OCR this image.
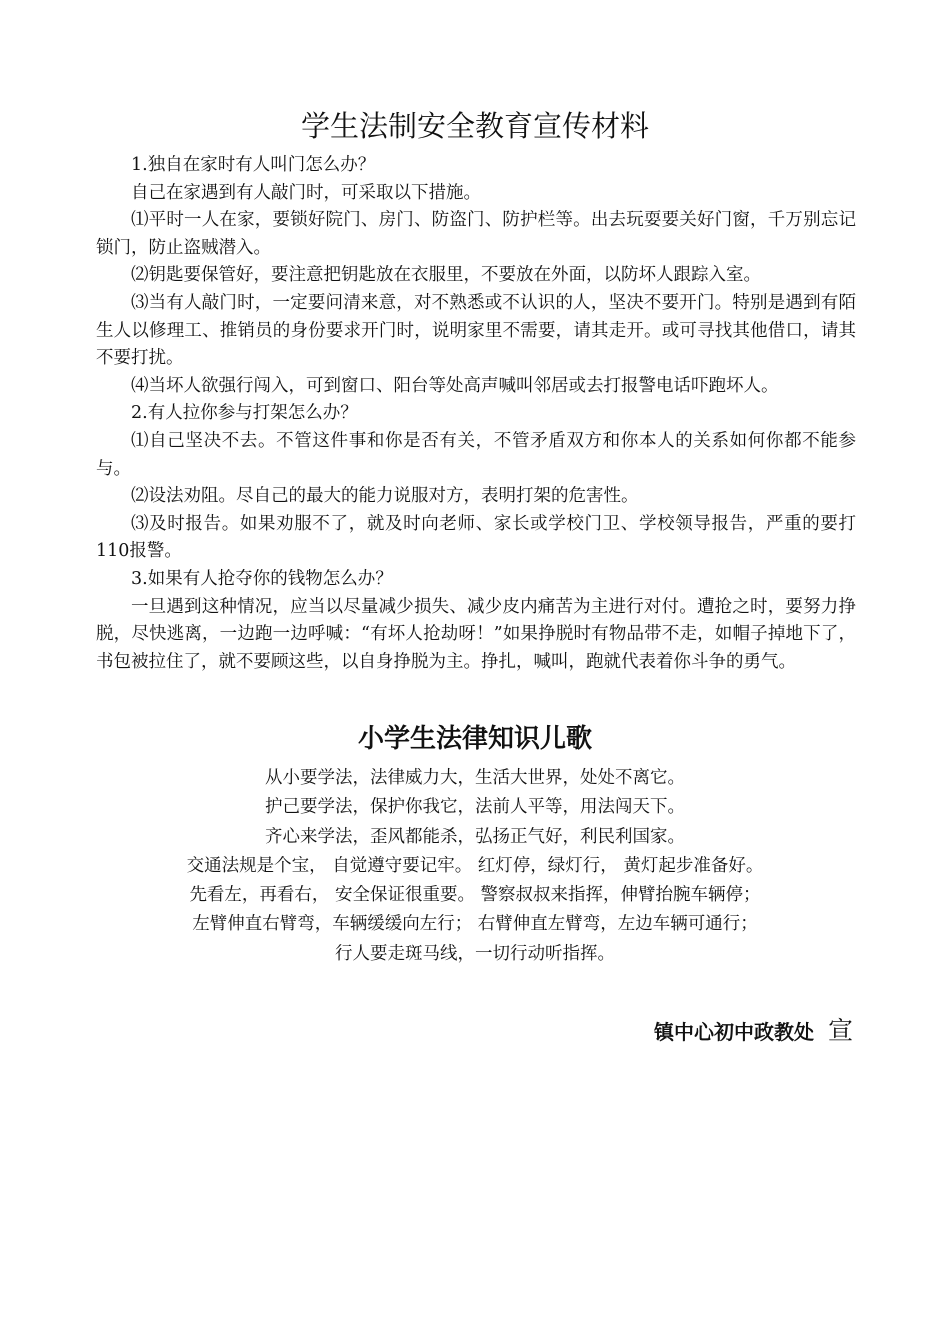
学生法制安全教育宣传材料

1.独自在家时有人叫门怎么办？

自己在家遇到有人敲门时，可采取以下措施。

⑴平时一人在家，要锁好院门、房门、防盗门、防护栏等。出去玩耍要关好门窗，千万别忘记锁门，防止盗贼潜入。

⑵钥匙要保管好，要注意把钥匙放在衣服里，不要放在外面，以防坏人跟踪入室。

⑶当有人敲门时，一定要问清来意，对不熟悉或不认识的人，坚决不要开门。特别是遇到有陌生人以修理工、推销员的身份要求开门时，说明家里不需要，请其走开。或可寻找其他借口，请其不要打扰。

⑷当坏人欲强行闯入，可到窗口、阳台等处高声喊叫邻居或去打报警电话吓跑坏人。

2.有人拉你参与打架怎么办？

⑴自己坚决不去。不管这件事和你是否有关，不管矛盾双方和你本人的关系如何你都不能参与。

⑵设法劝阻。尽自己的最大的能力说服对方，表明打架的危害性。

⑶及时报告。如果劝服不了，就及时向老师、家长或学校门卫、学校领导报告，严重的要打110报警。

3.如果有人抢夺你的钱物怎么办？

一旦遇到这种情况，应当以尽量减少损失、减少皮内痛苦为主进行对付。遭抢之时，要努力挣脱，尽快逃离，一边跑一边呼喊：“有坏人抢劫呀！”如果挣脱时有物品带不走，如帽子掉地下了，书包被拉住了，就不要顾这些，以自身挣脱为主。挣扎，喊叫，跑就代表着你斗争的勇气。

小学生法律知识儿歌
从小要学法，法律威力大，生活大世界，处处不离它。
护己要学法，保护你我它，法前人平等，用法闯天下。
齐心来学法，歪风都能杀，弘扬正气好，利民利国家。
交通法规是个宝， 自觉遵守要记牢。 红灯停，绿灯行， 黄灯起步准备好。
先看左，再看右， 安全保证很重要。 警察叔叔来指挥，伸臂抬腕车辆停；
左臂伸直右臂弯，车辆缓缓向左行； 右臂伸直左臂弯，左边车辆可通行；
行人要走斑马线，一切行动听指挥。
镇中心初中政教处 宣
